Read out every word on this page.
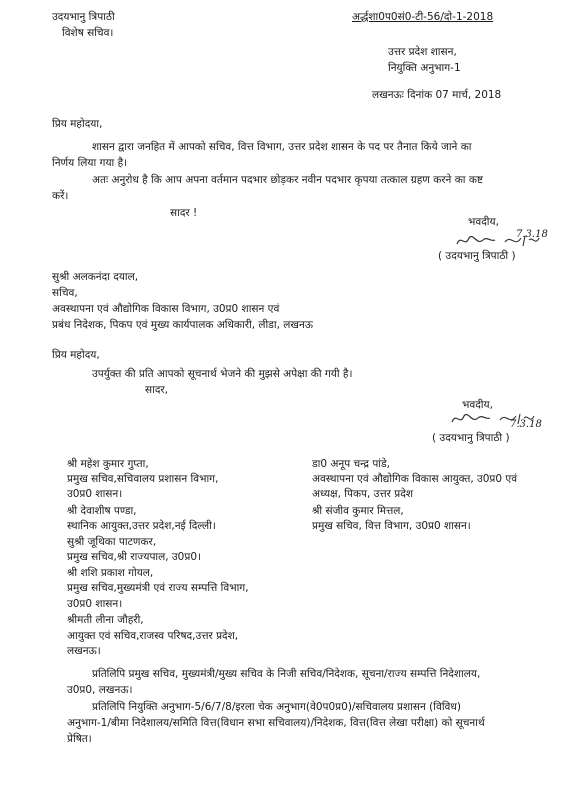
उदयभानु त्रिपाठी
विशेष सचिव।
अर्द्धशा0प0सं0-टी-56/दो-1-2018
उत्तर प्रदेश शासन,
नियुक्ति अनुभाग-1
लखनऊः दिनांक 07 मार्च, 2018
प्रिय महोदया,
शासन द्वारा जनहित में आपको सचिव, वित्त विभाग, उत्तर प्रदेश शासन के पद पर तैनात किये जाने का
निर्णय लिया गया है।
अतः अनुरोध है कि आप अपना वर्तमान पदभार छोड़कर नवीन पदभार कृपया तत्काल ग्रहण करने का कष्ट
करें।
सादर !
भवदीय,
7.3.18
( उदयभानु त्रिपाठी )
सुश्री अलकनंदा दयाल,
सचिव,
अवस्थापना एवं औद्योगिक विकास विभाग, उ0प्र0 शासन एवं
प्रबंध निदेशक, पिकप एवं मुख्य कार्यपालक अधिकारी, लीडा, लखनऊ
प्रिय महोदय,
उपर्युक्त की प्रति आपको सूचनार्थ भेजने की मुझसे अपेक्षा की गयी है।
सादर,
भवदीय,
7.3.18
( उदयभानु त्रिपाठी )
श्री महेश कुमार गुप्ता,
प्रमुख सचिव,सचिवालय प्रशासन विभाग,
उ0प्र0 शासन।
श्री देवाशीष पण्डा,
स्थानिक आयुक्त,उत्तर प्रदेश,नई दिल्ली।
सुश्री जूथिका पाटणकर,
प्रमुख सचिव,श्री राज्यपाल, उ0प्र0।
श्री शशि प्रकाश गोयल,
प्रमुख सचिव,मुख्यमंत्री एवं राज्य सम्पत्ति विभाग,
उ0प्र0 शासन।
श्रीमती लीना जौहरी,
आयुक्त एवं सचिव,राजस्व परिषद,उत्तर प्रदेश,
लखनऊ।
डा0 अनूप चन्द्र पांडे,
अवस्थापना एवं औद्योगिक विकास आयुक्त, उ0प्र0 एवं
अध्यक्ष, पिकप, उत्तर प्रदेश
श्री संजीव कुमार मित्तल,
प्रमुख सचिव, वित्त विभाग, उ0प्र0 शासन।
प्रतिलिपि प्रमुख सचिव, मुख्यमंत्री/मुख्य सचिव के निजी सचिव/निदेशक, सूचना/राज्य सम्पत्ति निदेशालय,
उ0प्र0, लखनऊ।
प्रतिलिपि नियुक्ति अनुभाग-5/6/7/8/इरला चेक अनुभाग(वे0प0प्र0)/सचिवालय प्रशासन (विविध)
अनुभाग-1/बीमा निदेशालय/समिति वित्त(विधान सभा सचिवालय)/निदेशक, वित्त(वित्त लेखा परीक्षा) को सूचनार्थ
प्रेषित।
